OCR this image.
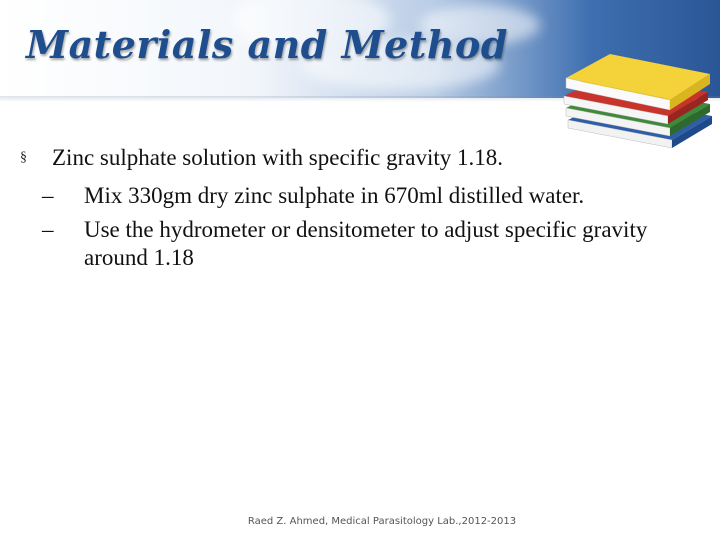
Materials and Method
§	Zinc sulphate solution with specific gravity 1.18.
–	Mix 330gm dry zinc sulphate in 670ml distilled water.
–	Use the hydrometer or densitometer to adjust specific gravity around 1.18
Raed Z. Ahmed, Medical Parasitology Lab.,2012-2013
